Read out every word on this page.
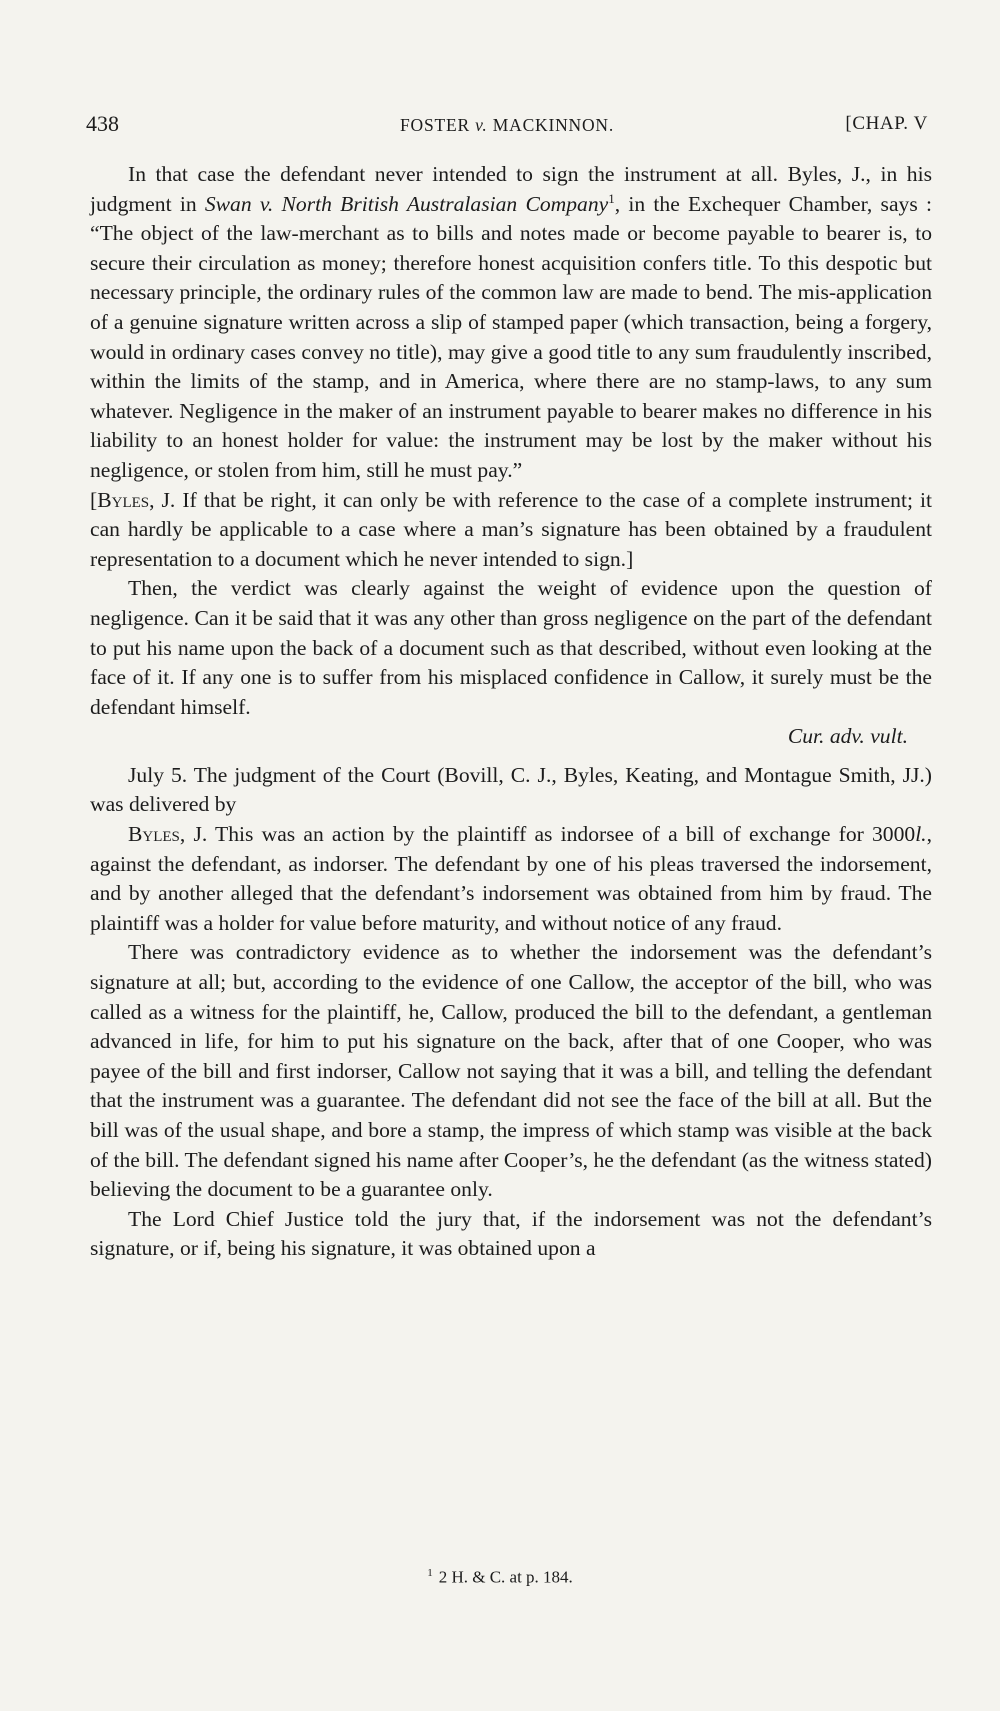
438	FOSTER v. MACKINNON.	[CHAP. V

In that case the defendant never intended to sign the instrument at all. Byles, J., in his judgment in Swan v. North British Australasian Company$^1$, in the Exchequer Chamber, says : “The object of the law-merchant as to bills and notes made or become payable to bearer is, to secure their circulation as money; therefore honest acquisition confers title. To this despotic but necessary principle, the ordinary rules of the common law are made to bend. The mis-application of a genuine signature written across a slip of stamped paper (which transaction, being a forgery, would in ordinary cases convey no title), may give a good title to any sum fraudulently inscribed, within the limits of the stamp, and in America, where there are no stamp-laws, to any sum whatever. Negligence in the maker of an instrument payable to bearer makes no difference in his liability to an honest holder for value: the instrument may be lost by the maker without his negligence, or stolen from him, still he must pay.”

[Byles, J. If that be right, it can only be with reference to the case of a complete instrument; it can hardly be applicable to a case where a man’s signature has been obtained by a fraudulent representation to a document which he never intended to sign.]

Then, the verdict was clearly against the weight of evidence upon the question of negligence. Can it be said that it was any other than gross negligence on the part of the defendant to put his name upon the back of a document such as that described, without even looking at the face of it. If any one is to suffer from his misplaced confidence in Callow, it surely must be the defendant himself.

Cur. adv. vult.

July 5. The judgment of the Court (Bovill, C. J., Byles, Keating, and Montague Smith, JJ.) was delivered by

Byles, J. This was an action by the plaintiff as indorsee of a bill of exchange for 3000l., against the defendant, as indorser. The defendant by one of his pleas traversed the indorsement, and by another alleged that the defendant’s indorsement was obtained from him by fraud. The plaintiff was a holder for value before maturity, and without notice of any fraud.

There was contradictory evidence as to whether the indorsement was the defendant’s signature at all; but, according to the evidence of one Callow, the acceptor of the bill, who was called as a witness for the plaintiff, he, Callow, produced the bill to the defendant, a gentleman advanced in life, for him to put his signature on the back, after that of one Cooper, who was payee of the bill and first indorser, Callow not saying that it was a bill, and telling the defendant that the instrument was a guarantee. The defendant did not see the face of the bill at all. But the bill was of the usual shape, and bore a stamp, the impress of which stamp was visible at the back of the bill. The defendant signed his name after Cooper’s, he the defendant (as the witness stated) believing the document to be a guarantee only.

The Lord Chief Justice told the jury that, if the indorsement was not the defendant’s signature, or if, being his signature, it was obtained upon a

$^1$ 2 H. & C. at p. 184.
